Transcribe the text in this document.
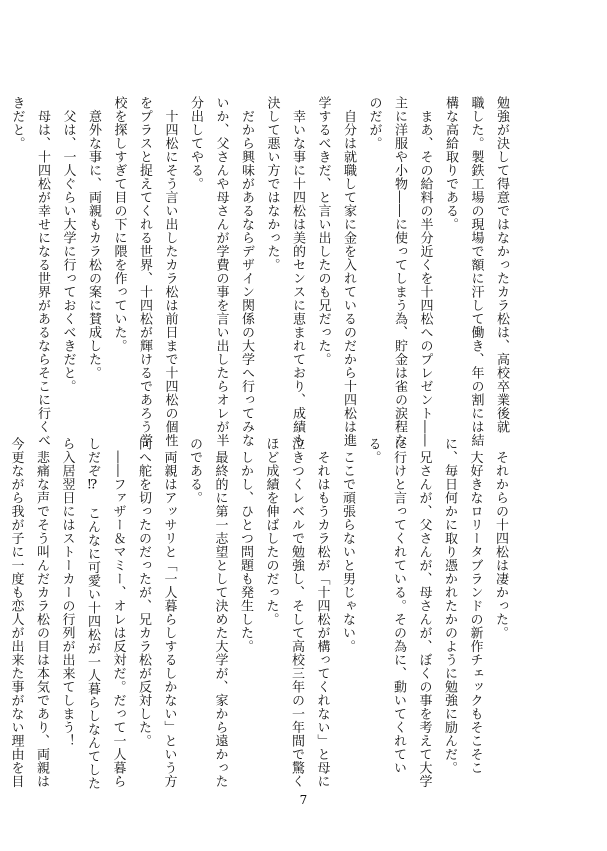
勉強が決して得意ではなかったカラ松は、高校卒業後就
職した。製鉄工場の現場で額に汗して働き、年の割には結
構な高給取りである。
　まあ、その給料の半分近くを十四松へのプレゼント――
主に洋服や小物――に使ってしまう為、貯金は雀の涙程な
のだが。
　自分は就職して家に金を入れているのだから十四松は進
学するべきだ、と言い出したのも兄だった。
　幸いな事に十四松は美的センスに恵まれており、成績も
決して悪い方ではなかった。
　だから興味があるならデザイン関係の大学へ行ってみな
いか、父さんや母さんが学費の事を言い出したらオレが半
分出してやる。
　十四松にそう言い出したカラ松は前日まで十四松の個性
をプラスと捉えてくれる世界、十四松が輝けるであろう学
校を探しすぎて目の下に隈を作っていた。
　意外な事に、両親もカラ松の案に賛成した。
　父は、一人ぐらい大学に行っておくべきだと。
　母は、十四松が幸せになる世界があるならそこに行くべ
きだと。
　それからの十四松は凄かった。
　大好きなロリータブランドの新作チェックもそこそこ
に、毎日何かに取り憑かれたかのように勉強に励んだ。
　兄さんが、父さんが、母さんが、ぼくの事を考えて大学
に行けと言ってくれている。その為に、動いてくれてい
る。
　ここで頑張らないと男じゃない。
　それはもうカラ松が「十四松が構ってくれない」と母に
泣きつくレベルで勉強し、そして高校三年の一年間で驚く
ほど成績を伸ばしたのだった。
　しかし、ひとつ問題も発生した。
　最終的に第一志望として決めた大学が、家から遠かった
のである。
　両親はアッサリと「一人暮らしするしかない」という方
向へ舵を切ったのだったが、兄カラ松が反対した。
　――ファザー＆マミー、オレは反対だ。だって一人暮ら
しだぞ⁉　こんなに可愛い十四松が一人暮らしなんてした
ら入居翌日にはストーカーの行列が出来てしまう！
　悲痛な声でそう叫んだカラ松の目は本気であり、両親は
今更ながら我が子に一度も恋人が出来た事がない理由を目
7
